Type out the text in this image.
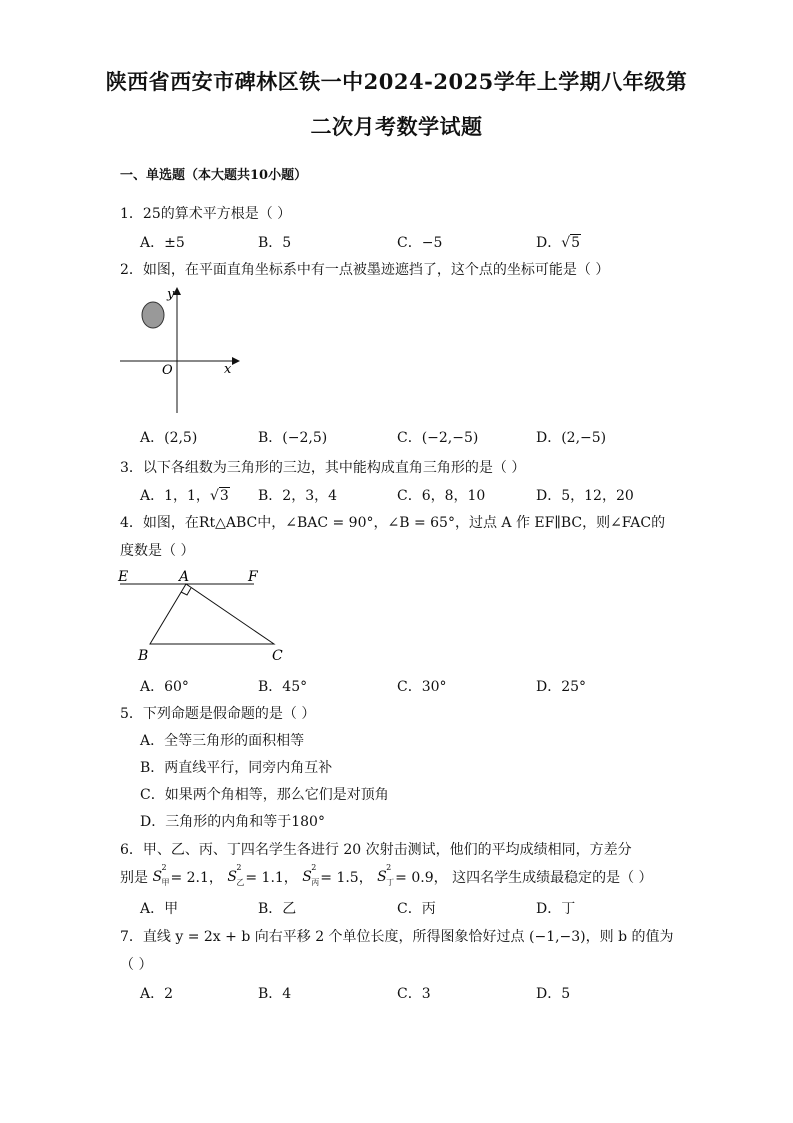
陕西省西安市碑林区铁一中2024-2025学年上学期八年级第
二次月考数学试题
一、单选题（本大题共10小题）
1．25的算术平方根是（ ）
A．±5	B．5	C．−5	D．√5
2．如图，在平面直角坐标系中有一点被墨迹遮挡了，这个点的坐标可能是（ ）
y
x
O
A．(2,5)	B．(−2,5)	C．(−2,−5)	D．(2,−5)
3．以下各组数为三角形的三边，其中能构成直角三角形的是（ ）
A．1，1，√3 B．2，3，4	C．6，8，10	D．5，12，20
4．如图，在Rt△ABC中，∠BAC = 90°，∠B = 65°，过点 A 作 EF∥BC，则∠FAC的
度数是（ ）
E	A	F
B	C
A．60°	B．45°	C．30°	D．25°
5．下列命题是假命题的是（ ）
A．全等三角形的面积相等
B．两直线平行，同旁内角互补
C．如果两个角相等，那么它们是对顶角
D．三角形的内角和等于180°
6．甲、乙、丙、丁四名学生各进行 20 次射击测试，他们的平均成绩相同，方差分
别是 S
2
甲 = 2.1， S
2
乙 = 1.1， S
2
丙 = 1.5， S
2
丁 = 0.9， 这四名学生成绩最稳定的是（ ）
A．甲	B．乙	C．丙	D．丁
7．直线 y = 2x + b 向右平移 2 个单位长度，所得图象恰好过点 (−1,−3)，则 b 的值为
（ ）
A．2	B．4	C．3	D．5
